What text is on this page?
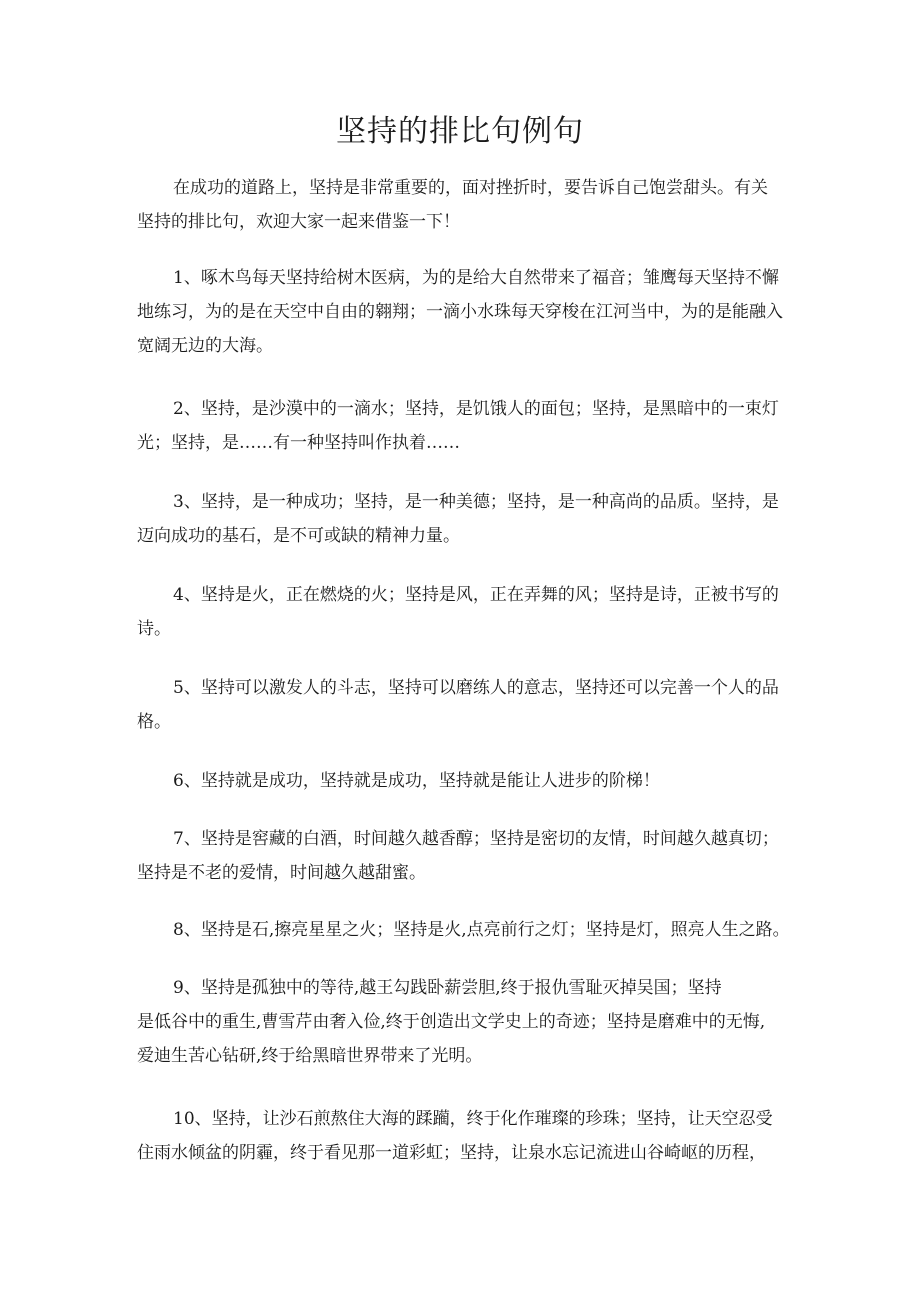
坚持的排比句例句

在成功的道路上，坚持是非常重要的，面对挫折时，要告诉自己饱尝甜头。有关
坚持的排比句，欢迎大家一起来借鉴一下！

1、啄木鸟每天坚持给树木医病，为的是给大自然带来了福音；雏鹰每天坚持不懈
地练习，为的是在天空中自由的翱翔；一滴小水珠每天穿梭在江河当中，为的是能融入
宽阔无边的大海。

2、坚持，是沙漠中的一滴水；坚持，是饥饿人的面包；坚持，是黑暗中的一束灯
光；坚持，是……有一种坚持叫作执着……

3、坚持，是一种成功；坚持，是一种美德；坚持，是一种高尚的品质。坚持，是
迈向成功的基石，是不可或缺的精神力量。

4、坚持是火，正在燃烧的火；坚持是风，正在弄舞的风；坚持是诗，正被书写的
诗。

5、坚持可以激发人的斗志，坚持可以磨练人的意志，坚持还可以完善一个人的品
格。

6、坚持就是成功，坚持就是成功，坚持就是能让人进步的阶梯！

7、坚持是窖藏的白酒，时间越久越香醇；坚持是密切的友情，时间越久越真切；
坚持是不老的爱情，时间越久越甜蜜。

8、坚持是石,擦亮星星之火；坚持是火,点亮前行之灯；坚持是灯，照亮人生之路。

9、坚持是孤独中的等待,越王勾践卧薪尝胆,终于报仇雪耻灭掉吴国；坚持
是低谷中的重生,曹雪芹由奢入俭,终于创造出文学史上的奇迹；坚持是磨难中的无悔,
爱迪生苦心钻研,终于给黑暗世界带来了光明。

10、坚持，让沙石煎熬住大海的蹂躏，终于化作璀璨的珍珠；坚持，让天空忍受
住雨水倾盆的阴霾，终于看见那一道彩虹；坚持，让泉水忘记流进山谷崎岖的历程，
